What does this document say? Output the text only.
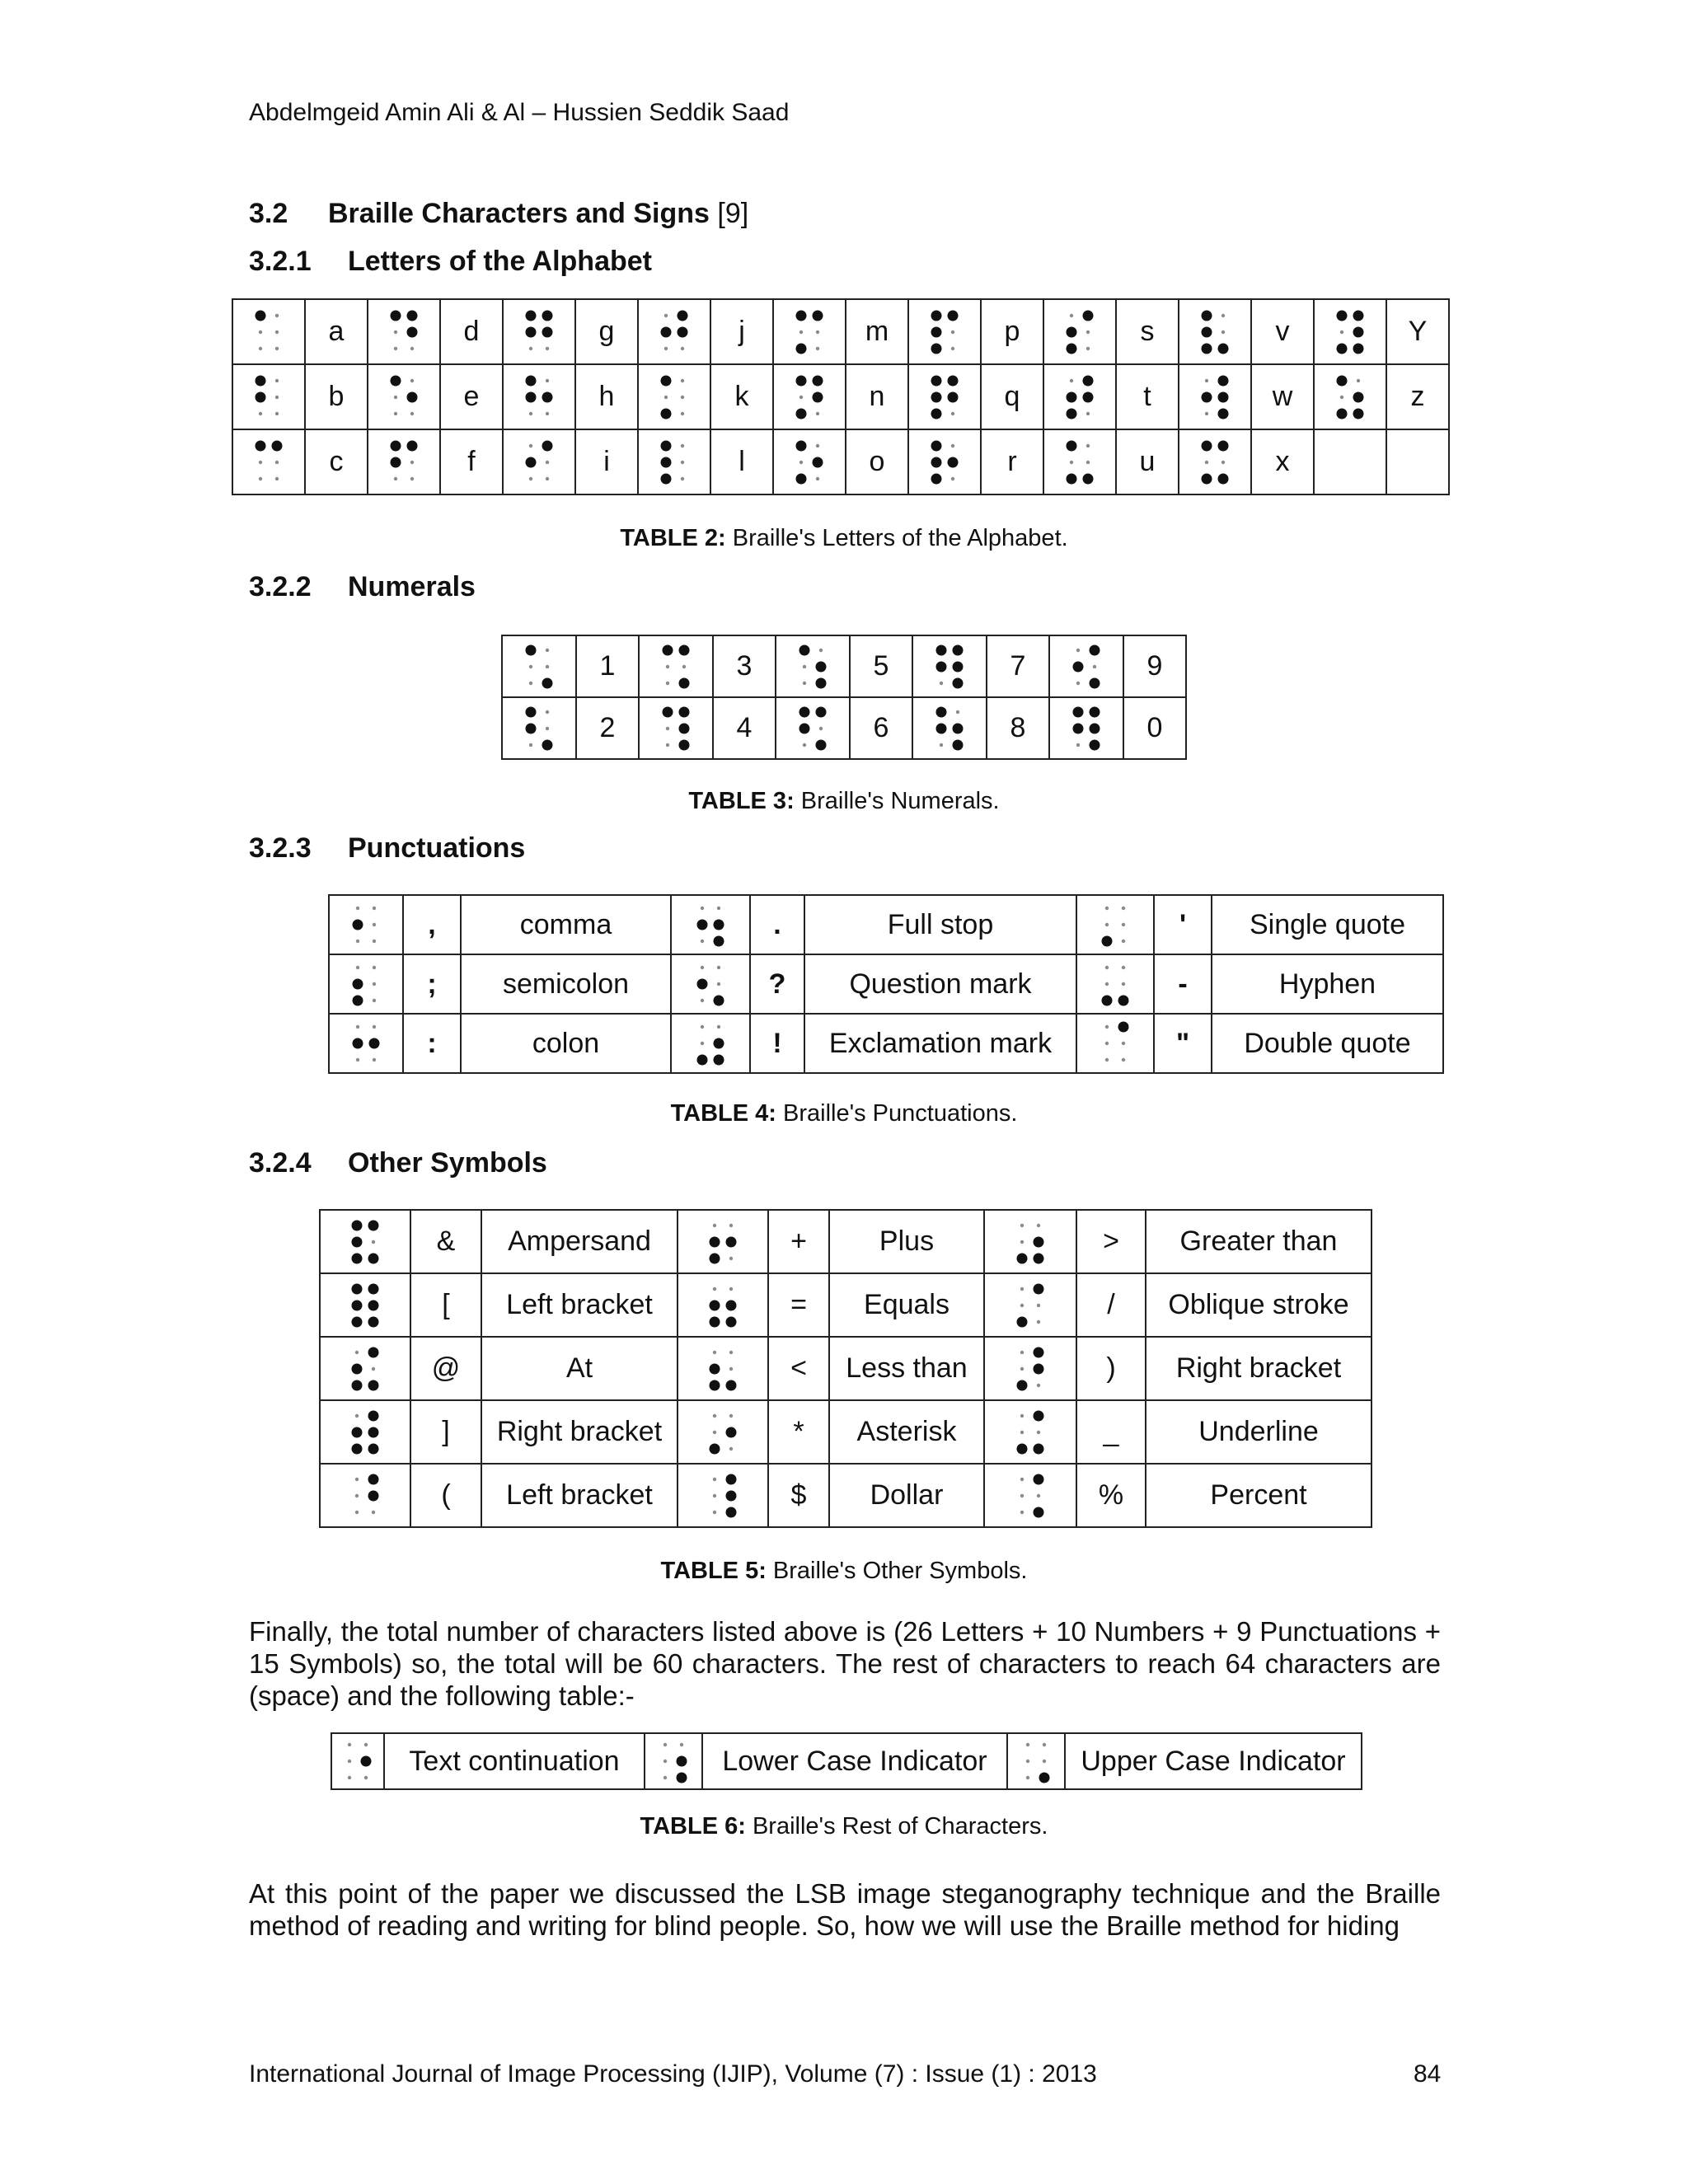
Abdelmgeid Amin Ali & Al – Hussien Seddik Saad
3.2 Braille Characters and Signs [9]
3.2.1 Letters of the Alphabet
	a		d		g		j		m		p		s		v		Y

	b		e		h		k		n		q		t		w		z

	c		f		i		l		o		r		u		x		
TABLE 2: Braille's Letters of the Alphabet.
3.2.2 Numerals
	1		3		5		7		9

	2		4		6		8		0
TABLE 3: Braille's Numerals.
3.2.3 Punctuations
	,	comma		.	Full stop		'	Single quote

	;	semicolon		?	Question mark		-	Hyphen

	:	colon		!	Exclamation mark		"	Double quote
TABLE 4: Braille's Punctuations.
3.2.4 Other Symbols
	&	Ampersand		+	Plus		>	Greater than

	[	Left bracket		=	Equals		/	Oblique stroke

	@	At		<	Less than		)	Right bracket

	]	Right bracket		*	Asterisk		_	Underline

	(	Left bracket		$	Dollar		%	Percent
TABLE 5: Braille's Other Symbols.
Finally, the total number of characters listed above is (26 Letters + 10 Numbers + 9 Punctuations + 15 Symbols) so, the total will be 60 characters. The rest of characters to reach 64 characters are (space) and the following table:-
	Text continuation		Lower Case Indicator		Upper Case Indicator
TABLE 6: Braille's Rest of Characters.
At this point of the paper we discussed the LSB image steganography technique and the Braille method of reading and writing for blind people. So, how we will use the Braille method for hiding
International Journal of Image Processing (IJIP), Volume (7) : Issue (1) : 2013	84
